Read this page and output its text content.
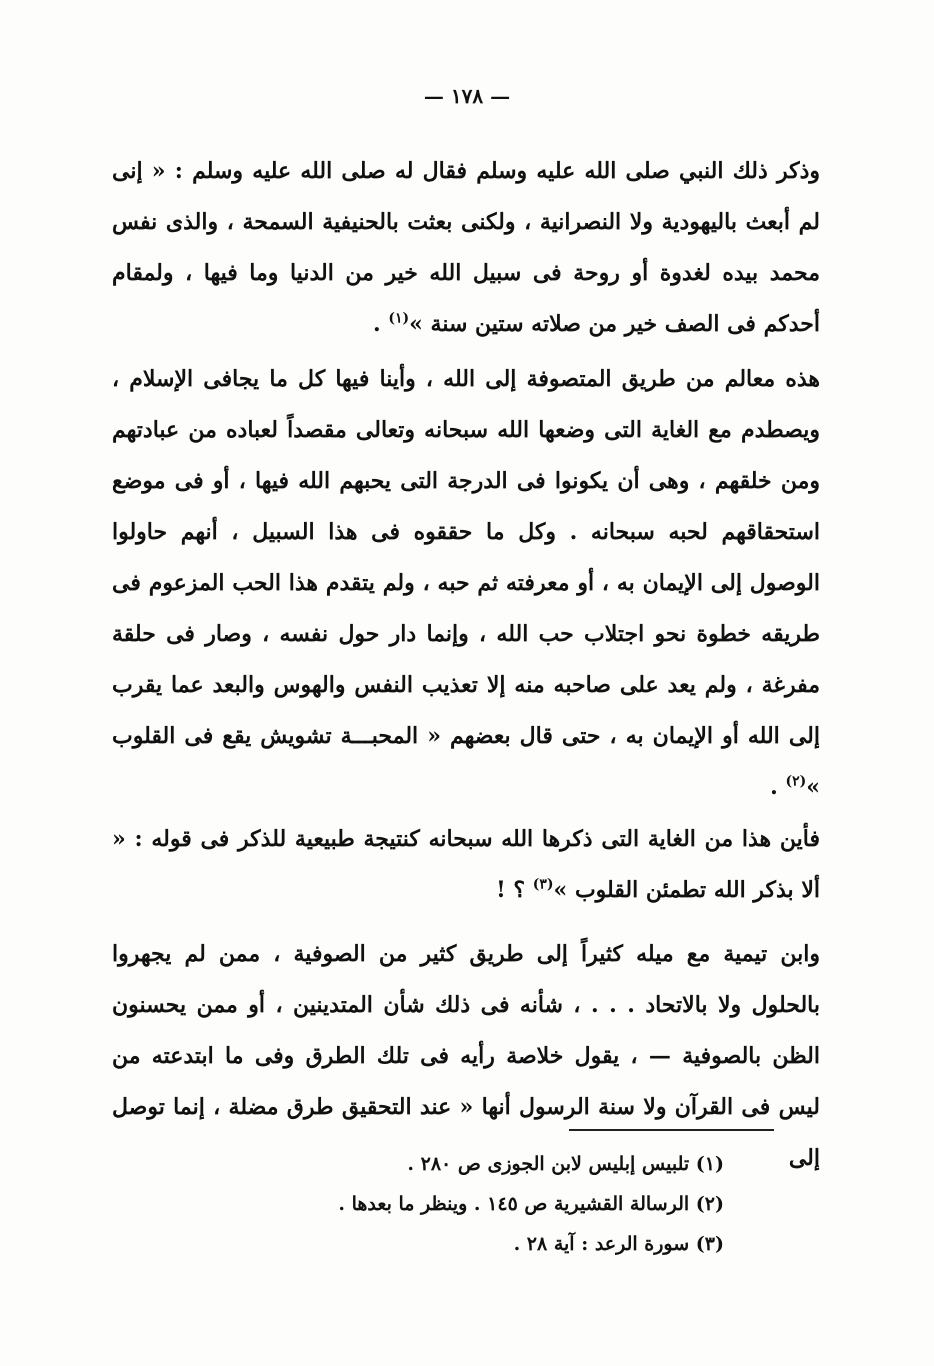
— ١٧٨ —

وذكر ذلك النبي صلى الله عليه وسلم فقال له صلى الله عليه وسلم : « إنى لم أبعث باليهودية ولا النصرانية ، ولكنى بعثت بالحنيفية السمحة ، والذى نفس محمد بيده لغدوة أو روحة فى سبيل الله خير من الدنيا وما فيها ، ولمقام أحدكم فى الصف خير من صلاته ستين سنة »$^{(١)}$ .

هذه معالم من طريق المتصوفة إلى الله ، وأينا فيها كل ما يجافى الإسلام ، ويصطدم مع الغاية التى وضعها الله سبحانه وتعالى مقصداً لعباده من عبادتهم ومن خلقهم ، وهى أن يكونوا فى الدرجة التى يحبهم الله فيها ، أو فى موضع استحقاقهم لحبه سبحانه . وكل ما حققوه فى هذا السبيل ، أنهم حاولوا الوصول إلى الإيمان به ، أو معرفته ثم حبه ، ولم يتقدم هذا الحب المزعوم فى طريقه خطوة نحو اجتلاب حب الله ، وإنما دار حول نفسه ، وصار فى حلقة مفرغة ، ولم يعد على صاحبه منه إلا تعذيب النفس والهوس والبعد عما يقرب إلى الله أو الإيمان به ، حتى قال بعضهم « المحبـــة تشويش يقع فى القلوب »$^{(٢)}$ .

فأين هذا من الغاية التى ذكرها الله سبحانه كنتيجة طبيعية للذكر فى قوله : « ألا بذكر الله تطمئن القلوب »$^{(٣)}$ ؟ !

وابن تيمية مع ميله كثيراً إلى طريق كثير من الصوفية ، ممن لم يجهروا بالحلول ولا بالاتحاد . . . ، شأنه فى ذلك شأن المتدينين ، أو ممن يحسنون الظن بالصوفية — ، يقول خلاصة رأيه فى تلك الطرق وفى ما ابتدعته من ليس فى القرآن ولا سنة الرسول أنها « عند التحقيق طرق مضلة ، إنما توصل إلى

(١) تلبيس إبليس لابن الجوزى ص ٢٨٠ .
(٢) الرسالة القشيرية ص ١٤٥ . وينظر ما بعدها .
(٣) سورة الرعد : آية ٢٨ .
